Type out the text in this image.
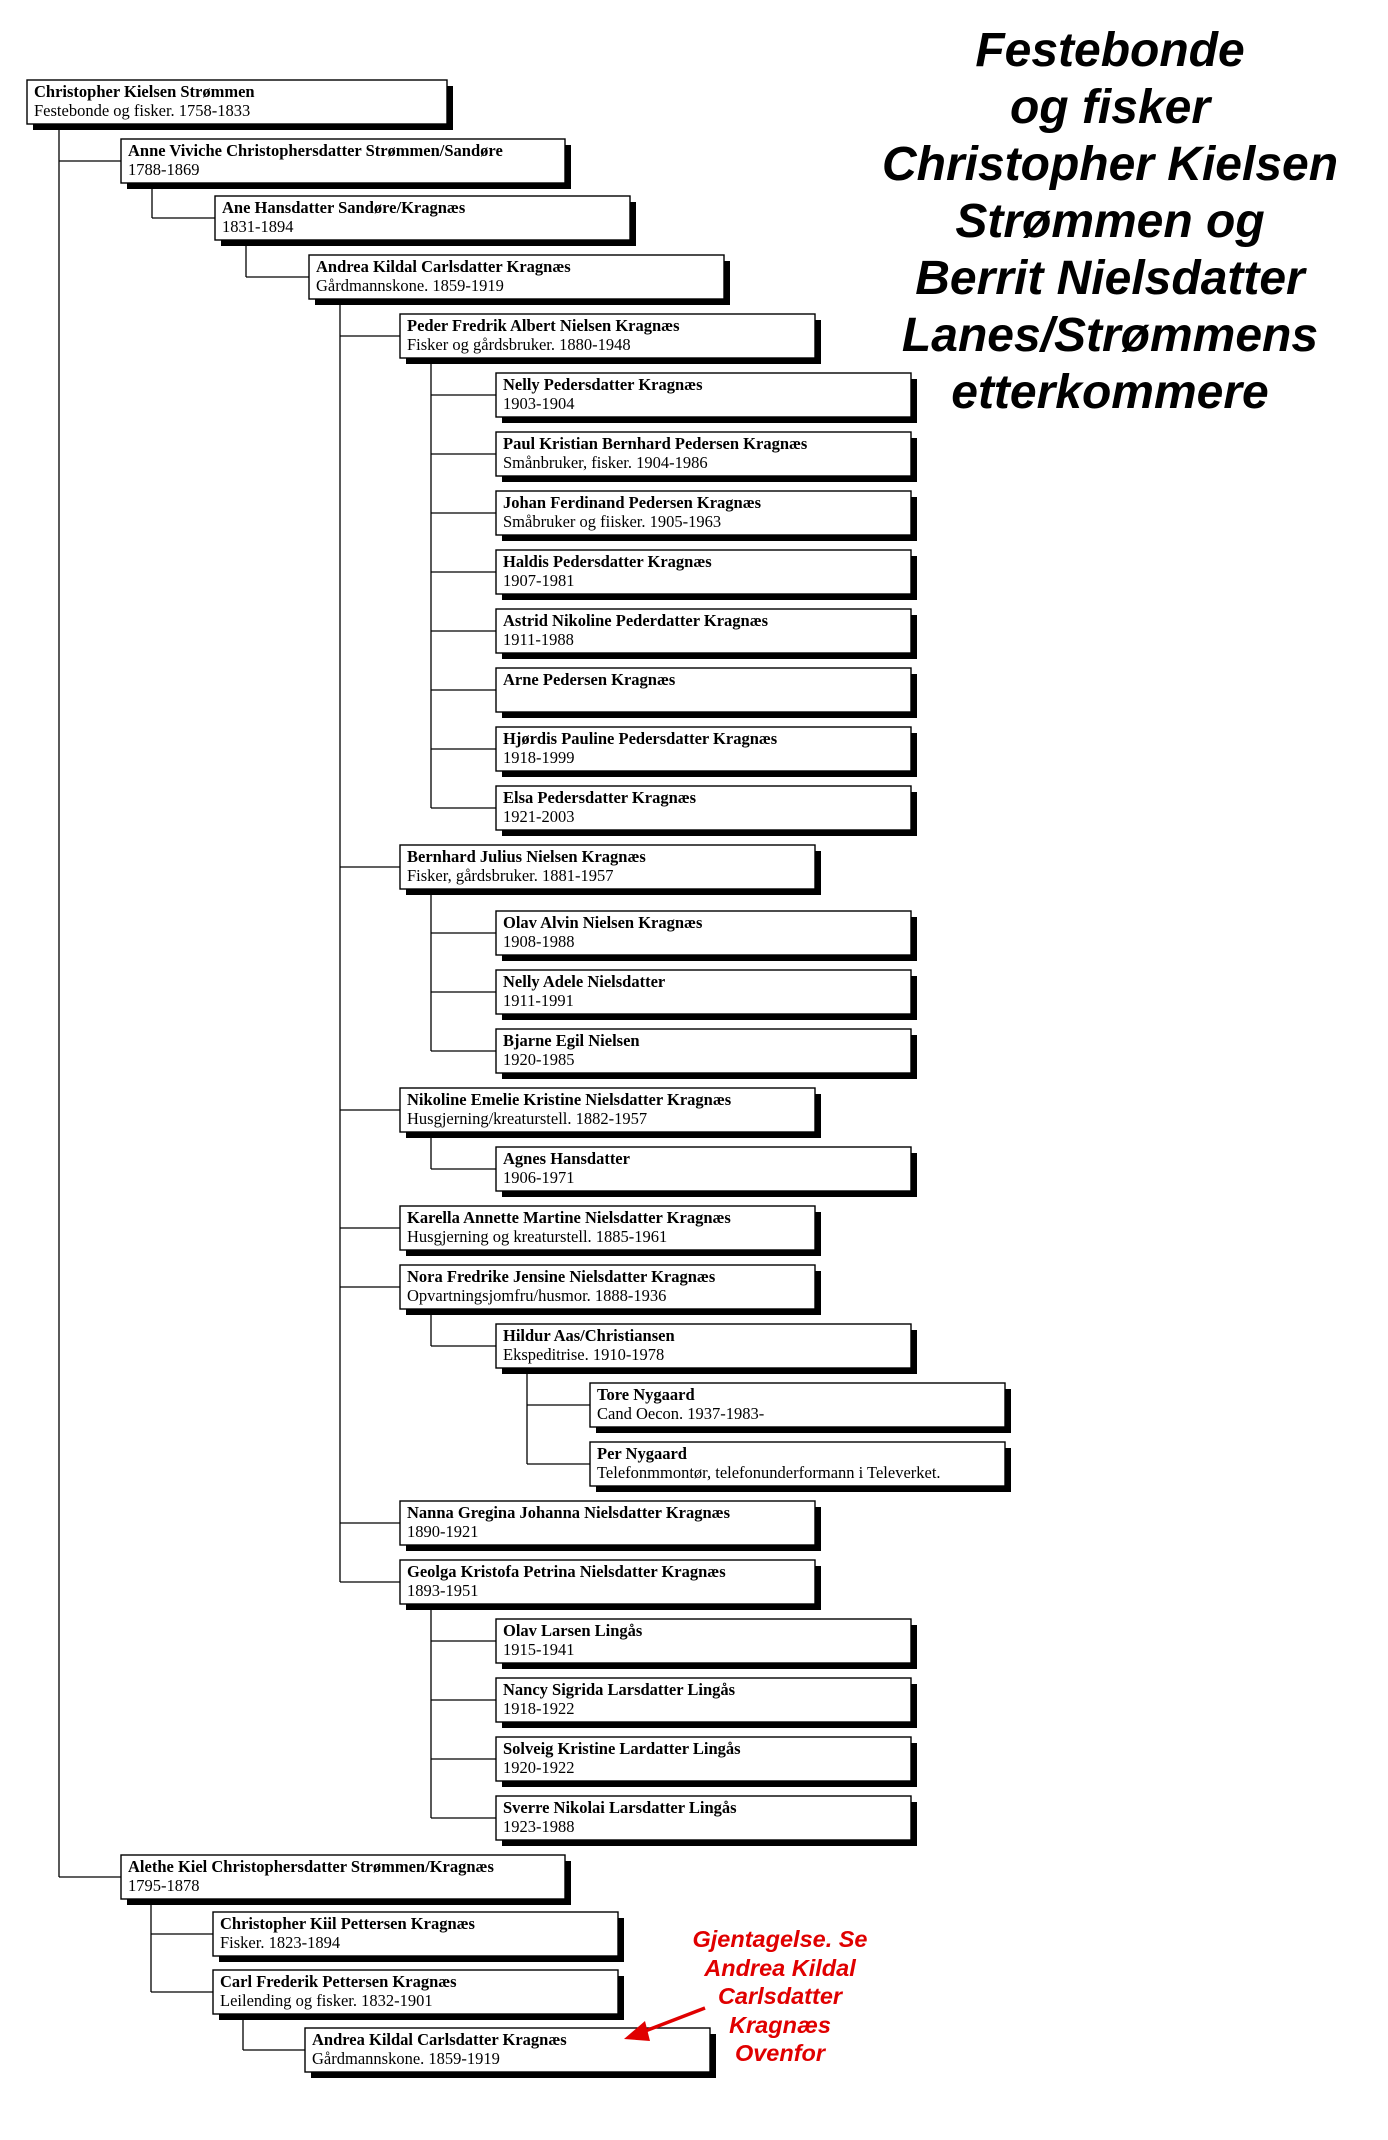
Christopher Kielsen Strømmen
Festebonde og fisker. 1758-1833
Anne Viviche Christophersdatter Strømmen/Sandøre
1788-1869
Ane Hansdatter Sandøre/Kragnæs
1831-1894
Andrea Kildal Carlsdatter Kragnæs
Gårdmannskone. 1859-1919
Peder Fredrik Albert Nielsen Kragnæs
Fisker og gårdsbruker. 1880-1948
Nelly Pedersdatter Kragnæs
1903-1904
Paul Kristian Bernhard Pedersen Kragnæs
Smånbruker, fisker. 1904-1986
Johan Ferdinand Pedersen Kragnæs
Småbruker og fiisker. 1905-1963
Haldis Pedersdatter Kragnæs
1907-1981
Astrid Nikoline Pederdatter Kragnæs
1911-1988
Arne Pedersen Kragnæs
Hjørdis Pauline Pedersdatter Kragnæs
1918-1999
Elsa Pedersdatter Kragnæs
1921-2003
Bernhard Julius Nielsen Kragnæs
Fisker, gårdsbruker. 1881-1957
Olav Alvin Nielsen Kragnæs
1908-1988
Nelly Adele Nielsdatter
1911-1991
Bjarne Egil Nielsen
1920-1985
Nikoline Emelie Kristine Nielsdatter Kragnæs
Husgjerning/kreaturstell. 1882-1957
Agnes Hansdatter
1906-1971
Karella Annette Martine Nielsdatter Kragnæs
Husgjerning og kreaturstell. 1885-1961
Nora Fredrike Jensine Nielsdatter Kragnæs
Opvartningsjomfru/husmor. 1888-1936
Hildur Aas/Christiansen
Ekspeditrise. 1910-1978
Tore Nygaard
Cand Oecon. 1937-1983-
Per Nygaard
Telefonmmontør, telefonunderformann i Televerket.
Nanna Gregina Johanna Nielsdatter Kragnæs
1890-1921
Geolga Kristofa Petrina Nielsdatter Kragnæs
1893-1951
Olav Larsen Lingås
1915-1941
Nancy Sigrida Larsdatter Lingås
1918-1922
Solveig Kristine Lardatter Lingås
1920-1922
Sverre Nikolai Larsdatter Lingås
1923-1988
Alethe Kiel Christophersdatter Strømmen/Kragnæs
1795-1878
Christopher Kiil Pettersen Kragnæs
Fisker. 1823-1894
Carl Frederik Pettersen Kragnæs
Leilending og fisker. 1832-1901
Andrea Kildal Carlsdatter Kragnæs
Gårdmannskone. 1859-1919
Festebonde
og fisker
Christopher Kielsen
Strømmen og
Berrit Nielsdatter
Lanes/Strømmens
etterkommere
Gjentagelse. Se
Andrea Kildal
Carlsdatter
Kragnæs
Ovenfor
